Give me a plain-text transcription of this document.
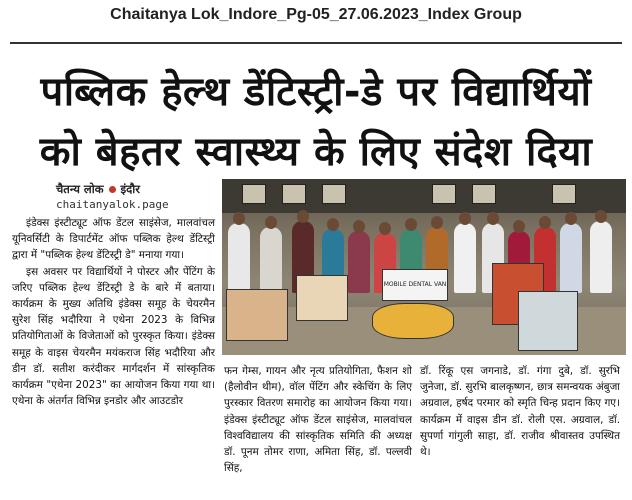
Chaitanya Lok_Indore_Pg-05_27.06.2023_Index Group
पब्लिक हेल्थ डेंटिस्ट्री-डे पर विद्यार्थियों
को बेहतर स्वास्थ्य के लिए संदेश दिया
चैतन्य लोक इंदौर
chaitanyalok.page

इंडेक्स इंस्टीट्यूट ऑफ डेंटल साइंसेज, मालवांचल यूनिवर्सिटी के डिपार्टमेंट ऑफ पब्लिक हेल्थ डेंटिस्ट्री द्वारा में "पब्लिक हेल्थ डेंटिस्ट्री डे" मनाया गया।

इस अवसर पर विद्यार्थियों ने पोस्टर और पेंटिंग के जरिए पब्लिक हेल्थ डेंटिस्ट्री डे के बारे में बताया। कार्यक्रम के मुख्य अतिथि इंडेक्स समूह के चेयरमैन सुरेश सिंह भदौरिया ने एथेना 2023 के विभिन्न प्रतियोगिताओं के विजेताओं को पुरस्कृत किया। इंडेक्स समूह के वाइस चेयरमैन मयंकराज सिंह भदौरिया और डीन डॉ. सतीश करंदीकर मार्गदर्शन में सांस्कृतिक कार्यक्रम "एथेना 2023" का आयोजन किया गया था। एथेना के अंतर्गत विभिन्न इनडोर और आउटडोर

MOBILE DENTAL VAN
फन गेम्स, गायन और नृत्य प्रतियोगिता, फैशन शो (हैलोवीन थीम), वॉल पेंटिंग और स्केचिंग के लिए पुरस्कार वितरण समारोह का आयोजन किया गया। इंडेक्स इंस्टीट्यूट ऑफ डेंटल साइंसेज, मालवांचल विश्वविद्यालय की सांस्कृतिक समिति की अध्यक्ष डॉ. पूनम तोमर राणा, अमिता सिंह, डॉ. पल्लवी सिंह,
डॉ. रिंकू एस जगनाडे, डॉ. गंगा दुबे, डॉ. सुरभि जुनेजा, डॉ. सुरभि बालकृष्णन, छात्र समन्वयक अंबुजा अग्रवाल, हर्षद परमार को स्मृति चिन्ह प्रदान किए गए। कार्यक्रम में वाइस डीन डॉ. रोली एस. अग्रवाल, डॉ. सुपर्णा गांगुली साहा, डॉ. राजीव श्रीवास्तव उपस्थित थे।
